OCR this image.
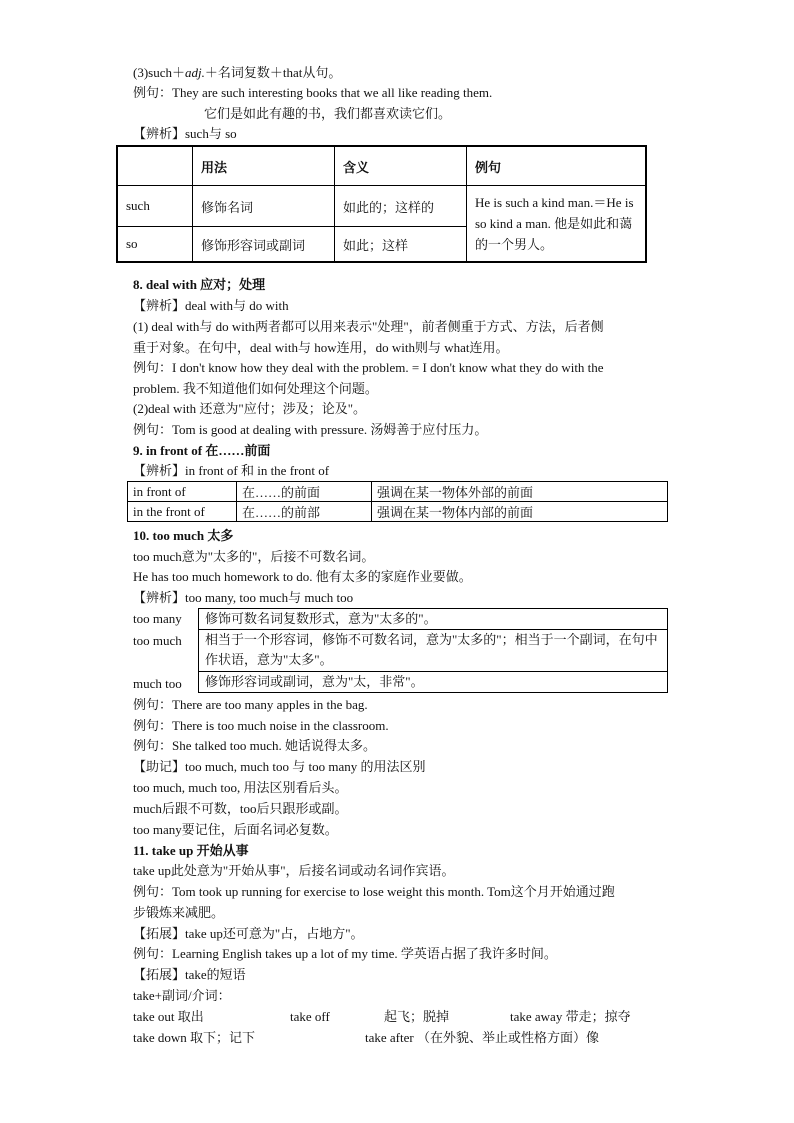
(3)such＋adj.＋名词复数＋that从句。
例句：They are such interesting books that we all like reading them.
它们是如此有趣的书，我们都喜欢读它们。
【辨析】such与 so
	用法	含义	例句
such	修饰名词	如此的；这样的	He is such a kind man.＝He is so kind a man. 他是如此和蔼的一个男人。
so	修饰形容词或副词	如此；这样	
8. deal with 应对；处理
【辨析】deal with与 do with
(1) deal with与 do with两者都可以用来表示"处理"，前者侧重于方式、方法，后者侧
重于对象。在句中，deal with与 how连用，do with则与 what连用。
例句：I don't know how they deal with the problem. = I don't know what they do with the
problem. 我不知道他们如何处理这个问题。
(2)deal with 还意为"应付；涉及；论及"。
例句：Tom is good at dealing with pressure. 汤姆善于应付压力。
9. in front of 在……前面
【辨析】in front of 和 in the front of
in front of	在……的前面	强调在某一物体外部的前面
in the front of	在……的前部	强调在某一物体内部的前面
10. too much 太多
too much意为"太多的"，后接不可数名词。
He has too much homework to do. 他有太多的家庭作业要做。
【辨析】too many, too much与 much too
too many	修饰可数名词复数形式，意为"太多的"。
too much	相当于一个形容词，修饰不可数名词，意为"太多的"；相当于一个副词，在句中作状语，意为"太多"。
much too	修饰形容词或副词，意为"太，非常"。
例句：There are too many apples in the bag.
例句：There is too much noise in the classroom.
例句：She talked too much. 她话说得太多。
【助记】too much, much too 与 too many 的用法区别
too much, much too, 用法区别看后头。
much后跟不可数，too后只跟形或副。
too many要记住，后面名词必复数。
11. take up 开始从事
take up此处意为"开始从事"，后接名词或动名词作宾语。
例句：Tom took up running for exercise to lose weight this month. Tom这个月开始通过跑
步锻炼来减肥。
【拓展】take up还可意为"占，占地方"。
例句：Learning English takes up a lot of my time. 学英语占据了我许多时间。
【拓展】take的短语
take+副词/介词：
take out 取出	take off	起飞；脱掉	take away 带走；掠夺
take down 取下；记下	take after （在外貌、举止或性格方面）像
